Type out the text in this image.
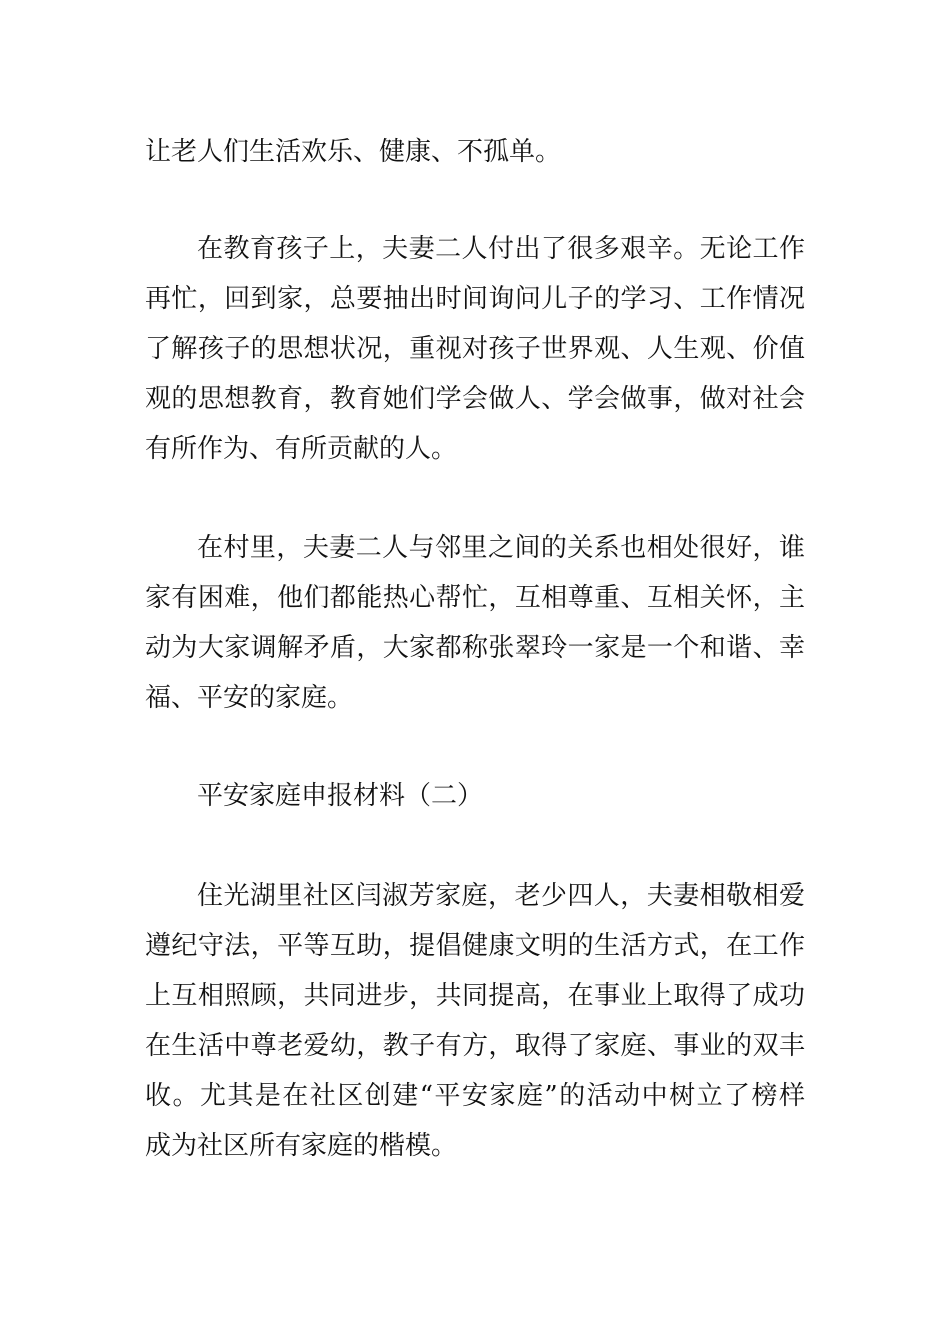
让老人们生活欢乐、健康、不孤单。
在教育孩子上，夫妻二人付出了很多艰辛。无论工作
再忙，回到家，总要抽出时间询问儿子的学习、工作情况
了解孩子的思想状况，重视对孩子世界观、人生观、价值
观的思想教育，教育她们学会做人、学会做事，做对社会
有所作为、有所贡献的人。
在村里，夫妻二人与邻里之间的关系也相处很好，谁
家有困难，他们都能热心帮忙，互相尊重、互相关怀，主
动为大家调解矛盾，大家都称张翠玲一家是一个和谐、幸
福、平安的家庭。
平安家庭申报材料（二）
住光湖里社区闫淑芳家庭，老少四人，夫妻相敬相爱
遵纪守法，平等互助，提倡健康文明的生活方式，在工作
上互相照顾，共同进步，共同提高，在事业上取得了成功
在生活中尊老爱幼，教子有方，取得了家庭、事业的双丰
收。尤其是在社区创建“平安家庭”的活动中树立了榜样
成为社区所有家庭的楷模。
